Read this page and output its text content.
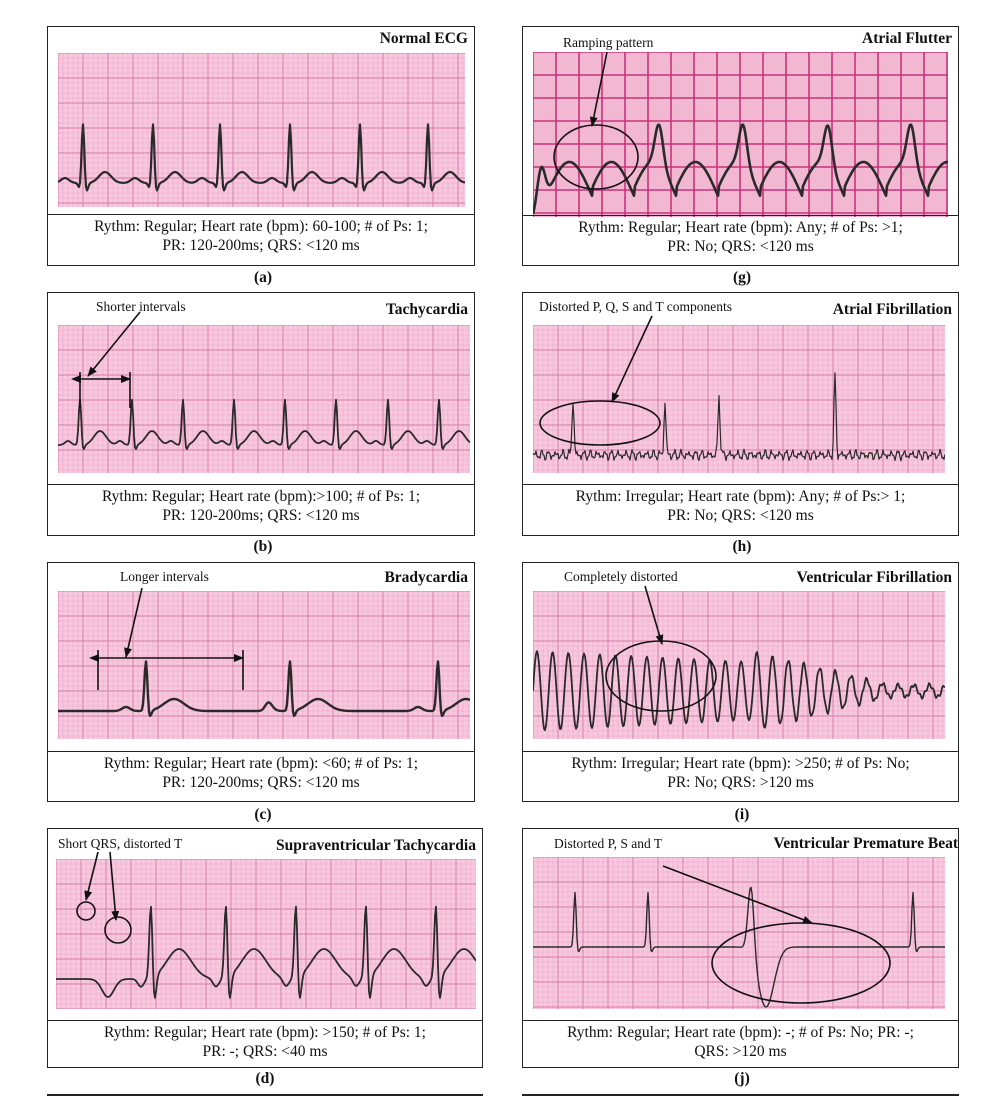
Normal ECG
Rythm: Regular; Heart rate (bpm): 60-100; # of Ps: 1;
PR: 120-200ms; QRS: <120 ms
(a)
Atrial Flutter
Ramping pattern
Rythm: Regular; Heart rate (bpm): Any; # of Ps: >1;
PR: No; QRS: <120 ms
(g)
Tachycardia
Shorter intervals
Rythm: Regular; Heart rate (bpm):>100; # of Ps: 1;
PR: 120-200ms; QRS: <120 ms
(b)
Atrial Fibrillation
Distorted P, Q, S and T components
Rythm: Irregular; Heart rate (bpm): Any; # of Ps:> 1;
PR: No; QRS: <120 ms
(h)
Bradycardia
Longer intervals
Rythm: Regular; Heart rate (bpm): <60; # of Ps: 1;
PR: 120-200ms; QRS: <120 ms
(c)
Ventricular Fibrillation
Completely distorted
Rythm: Irregular; Heart rate (bpm): >250; # of Ps: No;
PR: No; QRS: >120 ms
(i)
Supraventricular Tachycardia
Short QRS, distorted T
Rythm: Regular; Heart rate (bpm): >150; # of Ps: 1;
PR: -; QRS: <40 ms
(d)
Ventricular Premature Beat
Distorted P, S and T
Rythm: Regular; Heart rate (bpm): -; # of Ps: No; PR: -;
QRS: >120 ms
(j)
